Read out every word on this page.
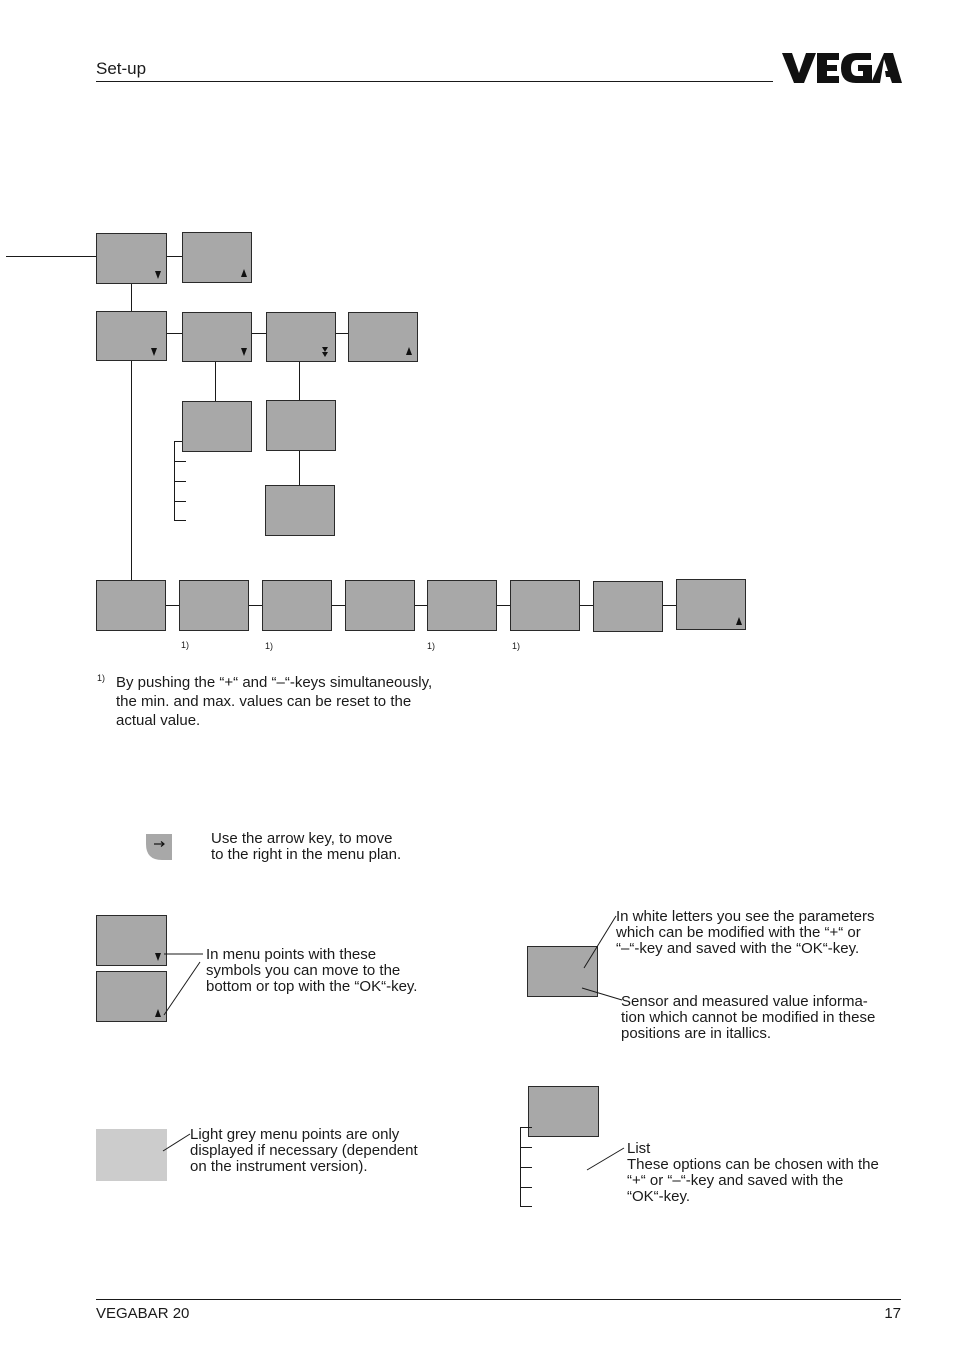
Set-up
1)	1)	1)	1)
1) By pushing the “+“ and “–“-keys simultaneously,
the min. and max. values can be reset to the
actual value.
Use the arrow key, to move
to the right in the menu plan.
In menu points with these
symbols you can move to the
bottom or top with the “OK“-key.
Light grey menu points are only
displayed if necessary (dependent
on the instrument version).
In white letters you see the parameters
which can be modified with the “+“ or
“–“-key and saved with the “OK“-key.
Sensor and measured value informa-
tion which cannot be modified in these
positions are in itallics.
List
These options can be chosen with the
“+“ or “–“-key and saved with the
“OK“-key.
VEGABAR 20	17
